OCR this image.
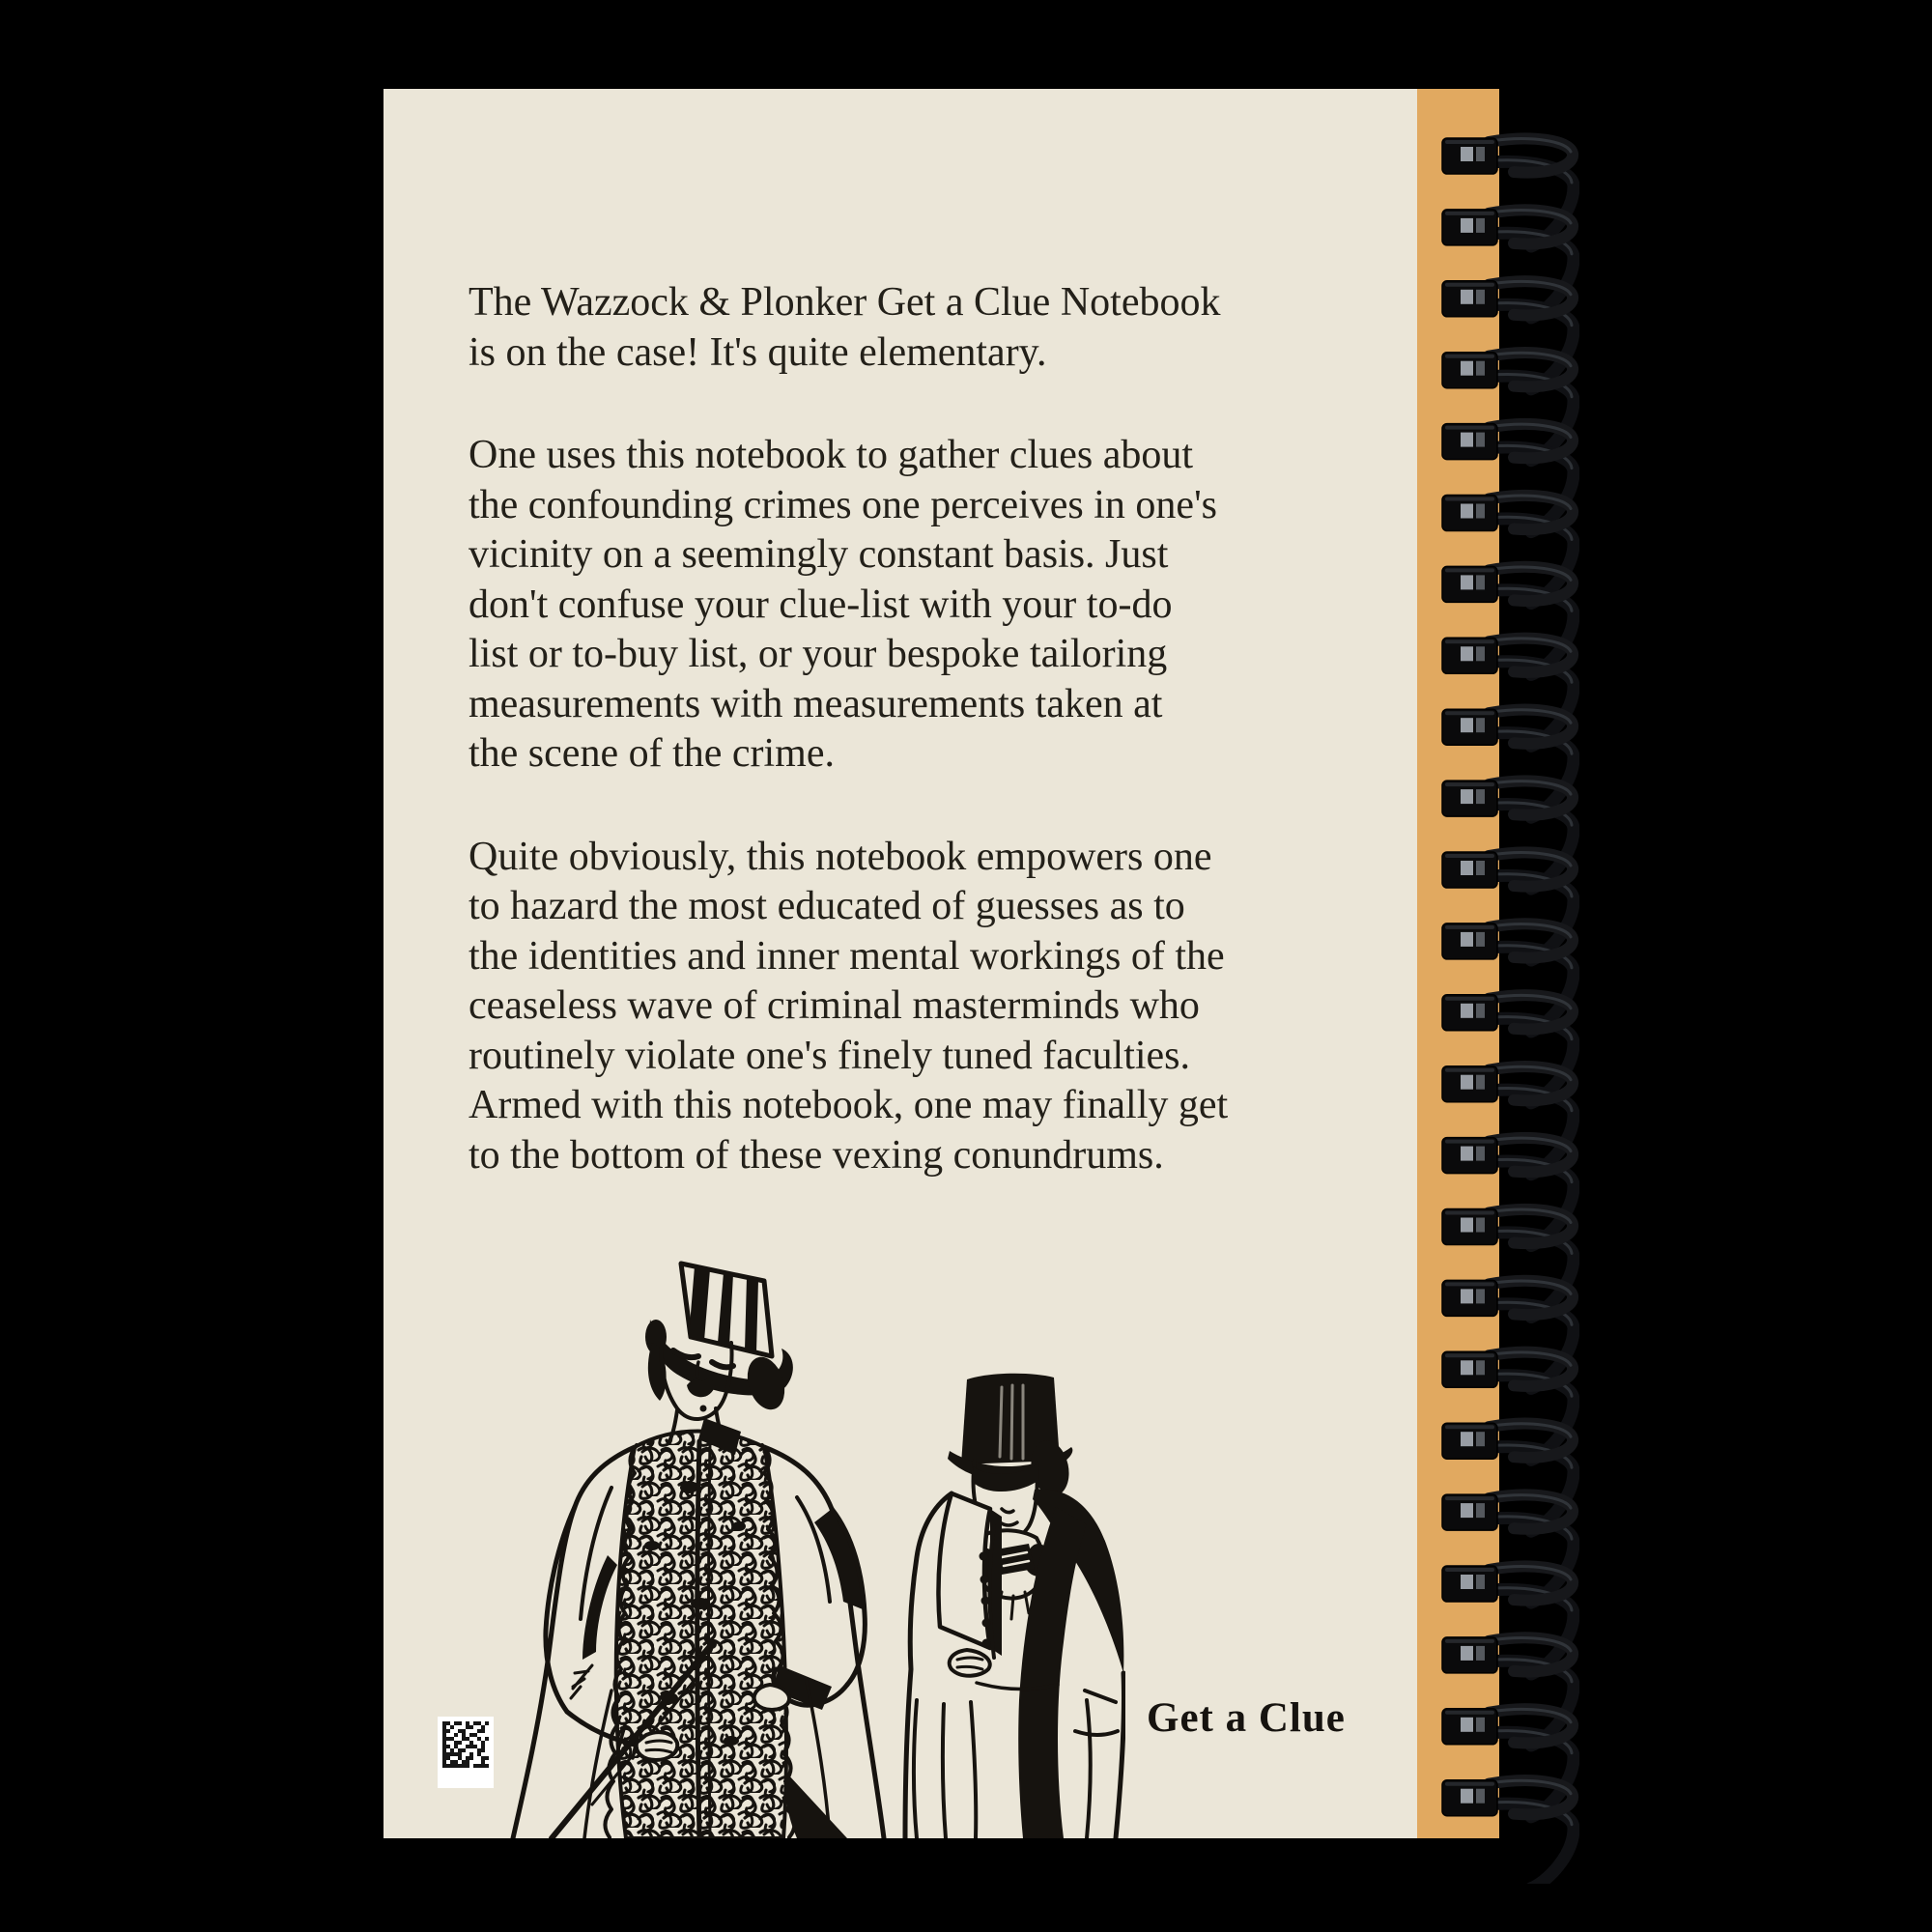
The Wazzock & Plonker Get a Clue Notebook
is on the case! It's quite elementary.
One uses this notebook to gather clues about
the confounding crimes one perceives in one's
vicinity on a seemingly constant basis. Just
don't confuse your clue-list with your to-do
list or to-buy list, or your bespoke tailoring
measurements with measurements taken at
the scene of the crime.
Quite obviously, this notebook empowers one
to hazard the most educated of guesses as to
the identities and inner mental workings of the
ceaseless wave of criminal masterminds who
routinely violate one's finely tuned faculties.
Armed with this notebook, one may finally get
to the bottom of these vexing conundrums.
Get a Clue
